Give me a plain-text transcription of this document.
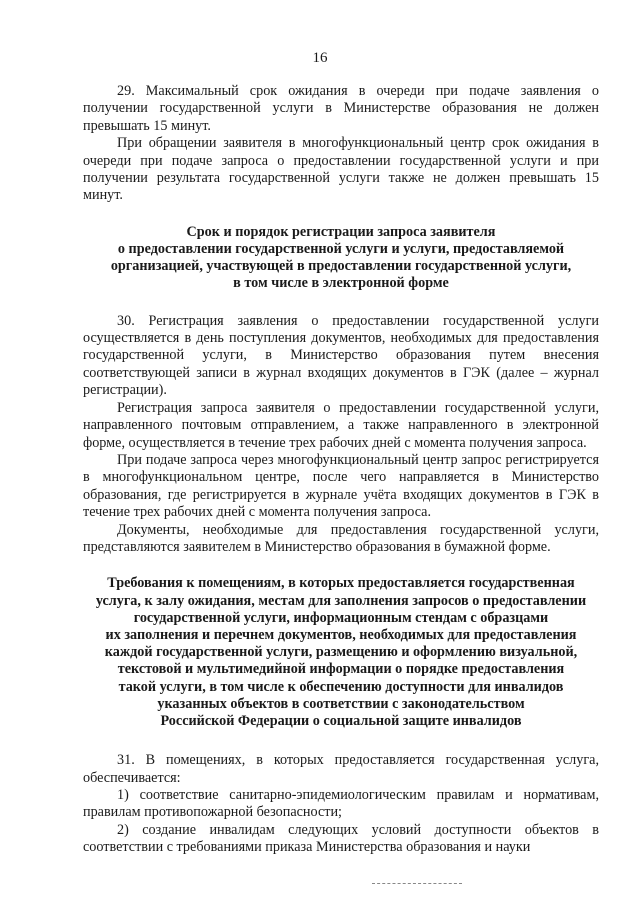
16

29. Максимальный срок ожидания в очереди при подаче заявления о получении государственной услуги в Министерстве образования не должен превышать 15 минут.

При обращении заявителя в многофункциональный центр срок ожидания в очереди при подаче запроса о предоставлении государственной услуги и при получении результата государственной услуги также не должен превышать 15 минут.

Срок и порядок регистрации запроса заявителя
о предоставлении государственной услуги и услуги, предоставляемой
организацией, участвующей в предоставлении государственной услуги,
в том числе в электронной форме

30. Регистрация заявления о предоставлении государственной услуги осуществляется в день поступления документов, необходимых для предоставления государственной услуги, в Министерство образования путем внесения соответствующей записи в журнал входящих документов в ГЭК (далее – журнал регистрации).

Регистрация запроса заявителя о предоставлении государственной услуги, направленного почтовым отправлением, а также направленного в электронной форме, осуществляется в течение трех рабочих дней с момента получения запроса.

При подаче запроса через многофункциональный центр запрос регистрируется в многофункциональном центре, после чего направляется в Министерство образования, где регистрируется в журнале учёта входящих документов в ГЭК в течение трех рабочих дней с момента получения запроса.

Документы, необходимые для предоставления государственной услуги, представляются заявителем в Министерство образования в бумажной форме.

Требования к помещениям, в которых предоставляется государственная
услуга, к залу ожидания, местам для заполнения запросов о предоставлении
государственной услуги, информационным стендам с образцами
их заполнения и перечнем документов, необходимых для предоставления
каждой государственной услуги, размещению и оформлению визуальной,
текстовой и мультимедийной информации о порядке предоставления
такой услуги, в том числе к обеспечению доступности для инвалидов
указанных объектов в соответствии с законодательством
Российской Федерации о социальной защите инвалидов

31. В помещениях, в которых предоставляется государственная услуга, обеспечивается:

1) соответствие санитарно-эпидемиологическим правилам и нормативам, правилам противопожарной безопасности;

2) создание инвалидам следующих условий доступности объектов в соответствии с требованиями приказа Министерства образования и науки
